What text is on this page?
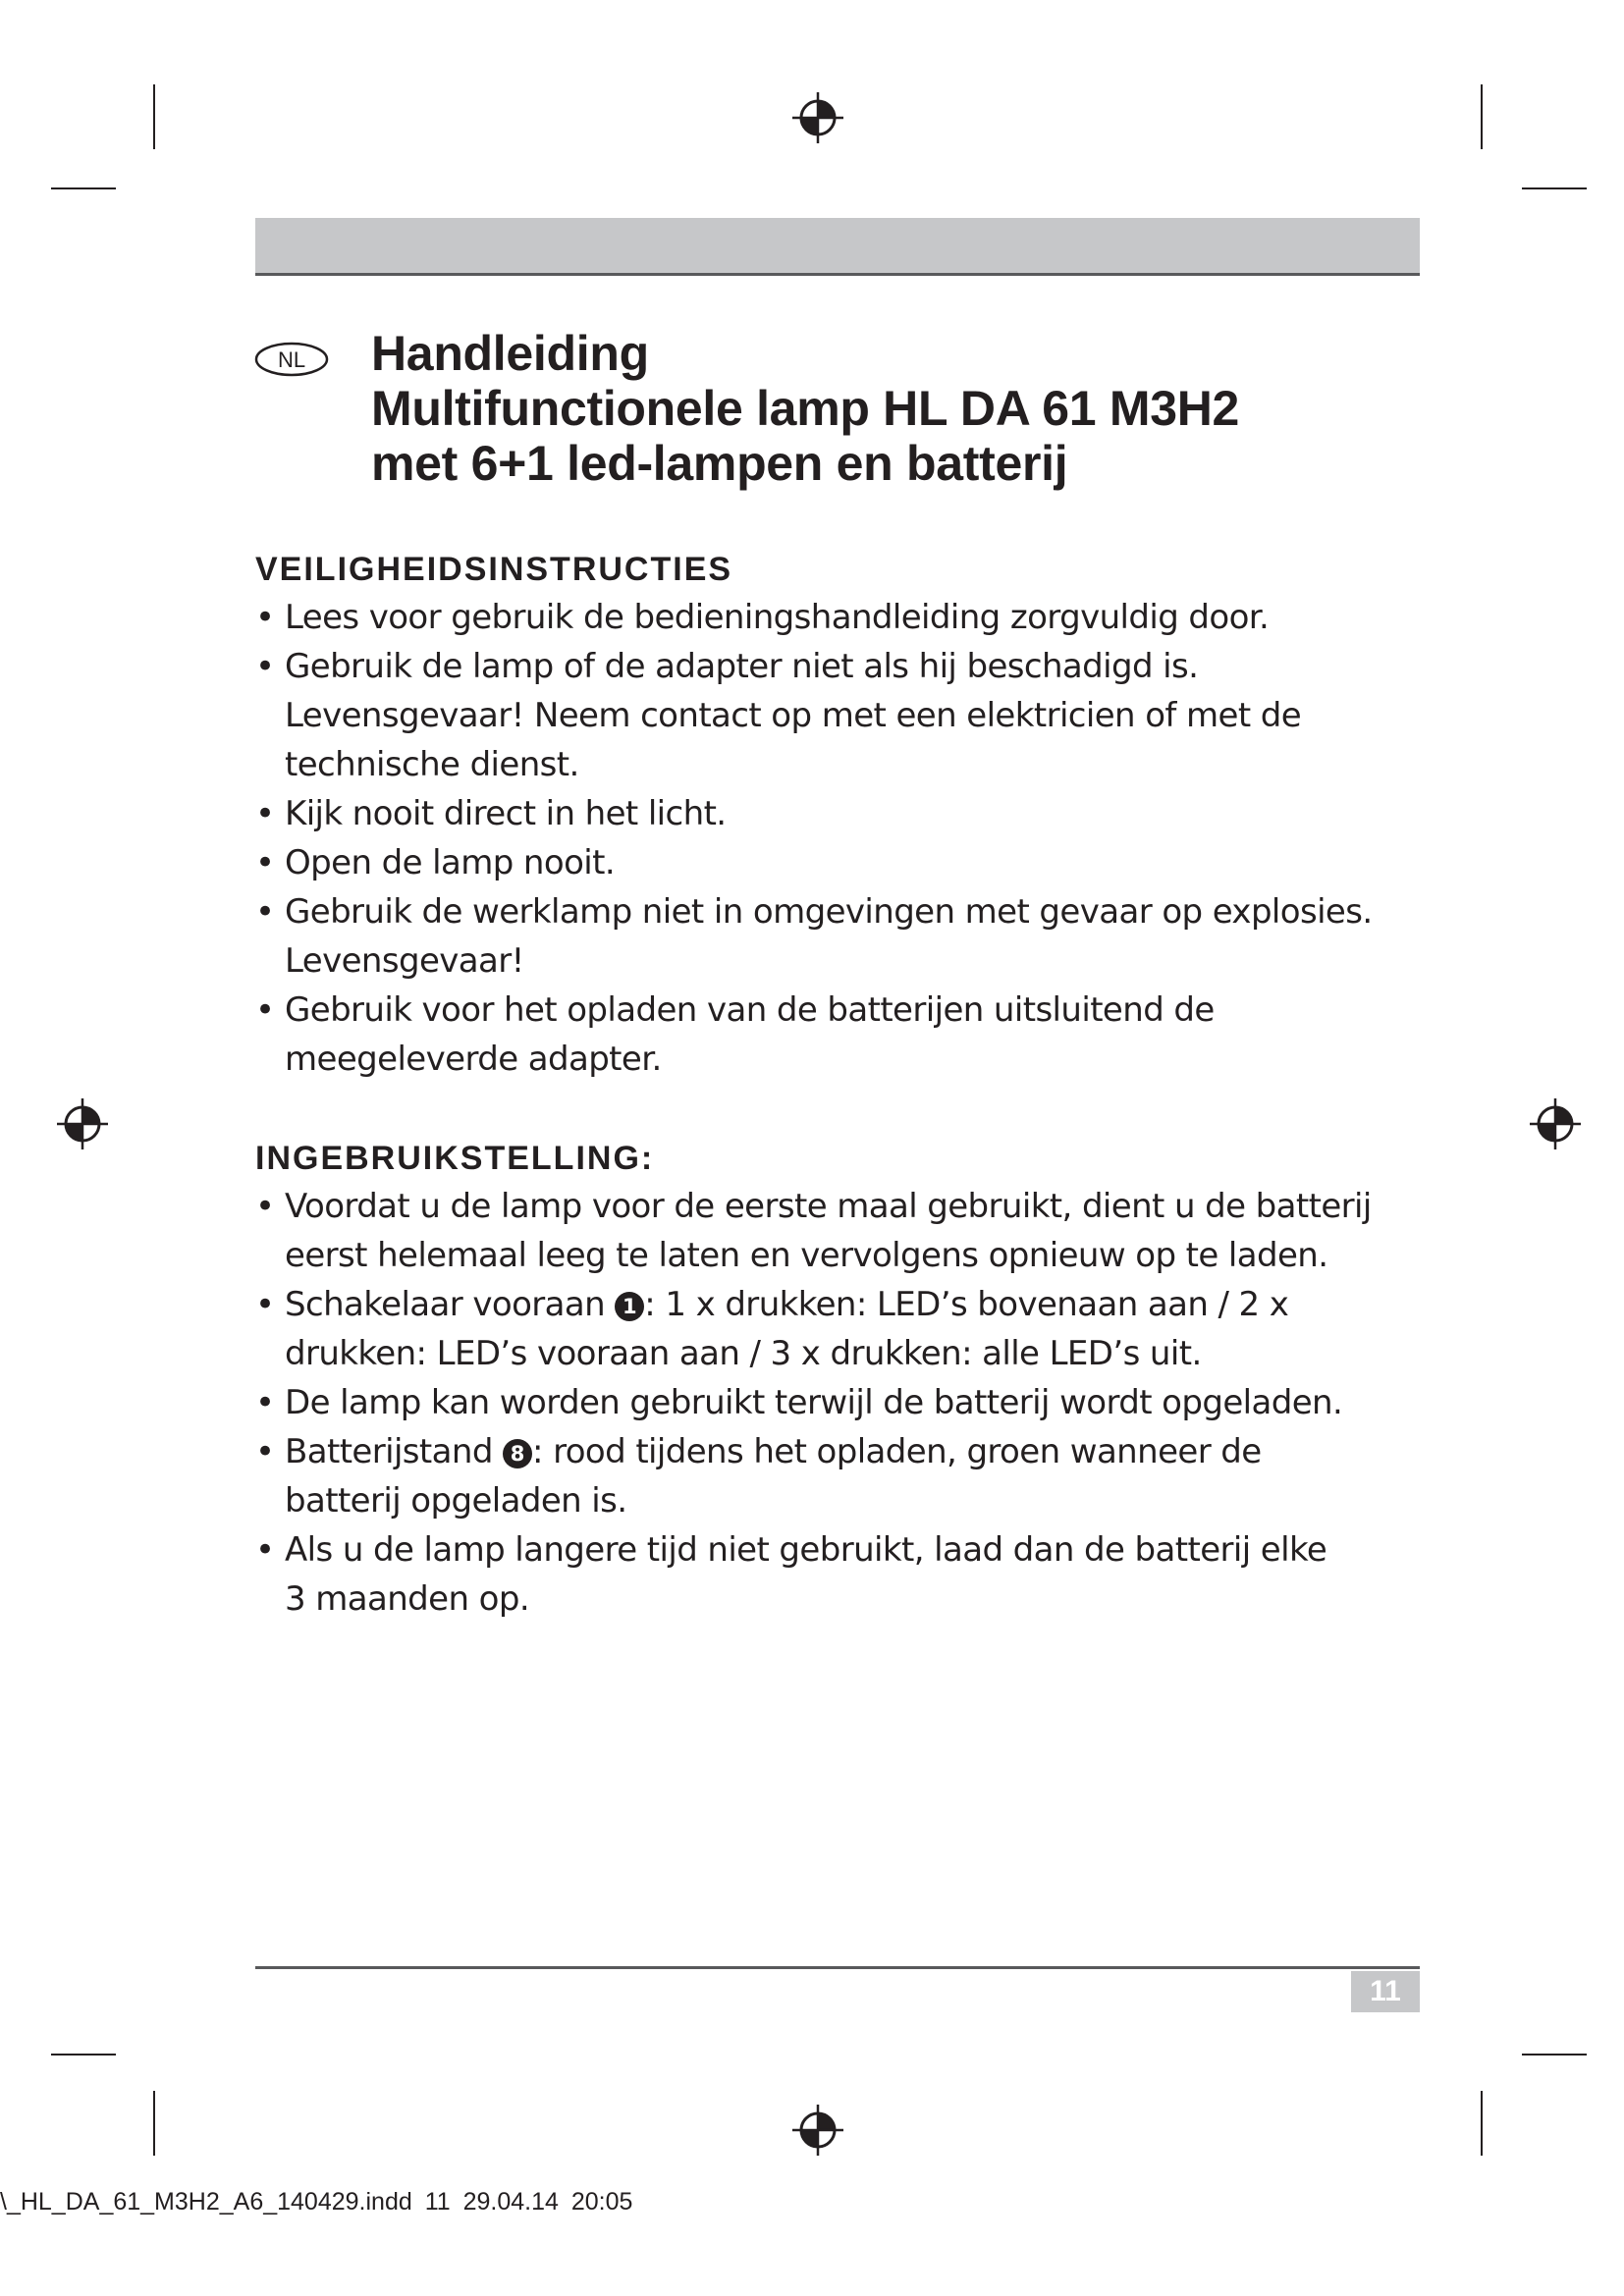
NL Handleiding
Multifunctionele lamp HL DA 61 M3H2
met 6+1 led-lampen en batterij
VEILIGHEIDSINSTRUCTIES
• Lees voor gebruik de bedieningshandleiding zorgvuldig door.
• Gebruik de lamp of de adapter niet als hij beschadigd is.
Levensgevaar! Neem contact op met een elektricien of met de
technische dienst.
• Kijk nooit direct in het licht.
• Open de lamp nooit.
• Gebruik de werklamp niet in omgevingen met gevaar op explosies.
Levensgevaar!
• Gebruik voor het opladen van de batterijen uitsluitend de
meegeleverde adapter.
INGEBRUIKSTELLING:
• Voordat u de lamp voor de eerste maal gebruikt, dient u de batterij
eerst helemaal leeg te laten en vervolgens opnieuw op te laden.
• Schakelaar vooraan 1 : 1 x drukken: LED’s bovenaan aan / 2 x
drukken: LED’s vooraan aan / 3 x drukken: alle LED’s uit.
• De lamp kan worden gebruikt terwijl de batterij wordt opgeladen.
• Batterijstand 8 : rood tijdens het opladen, groen wanneer de
batterij opgeladen is.
• Als u de lamp langere tijd niet gebruikt, laad dan de batterij elke
3 maanden op.
11

\_HL_DA_61_M3H2_A6_140429.indd 11 29.04.14 20:05
